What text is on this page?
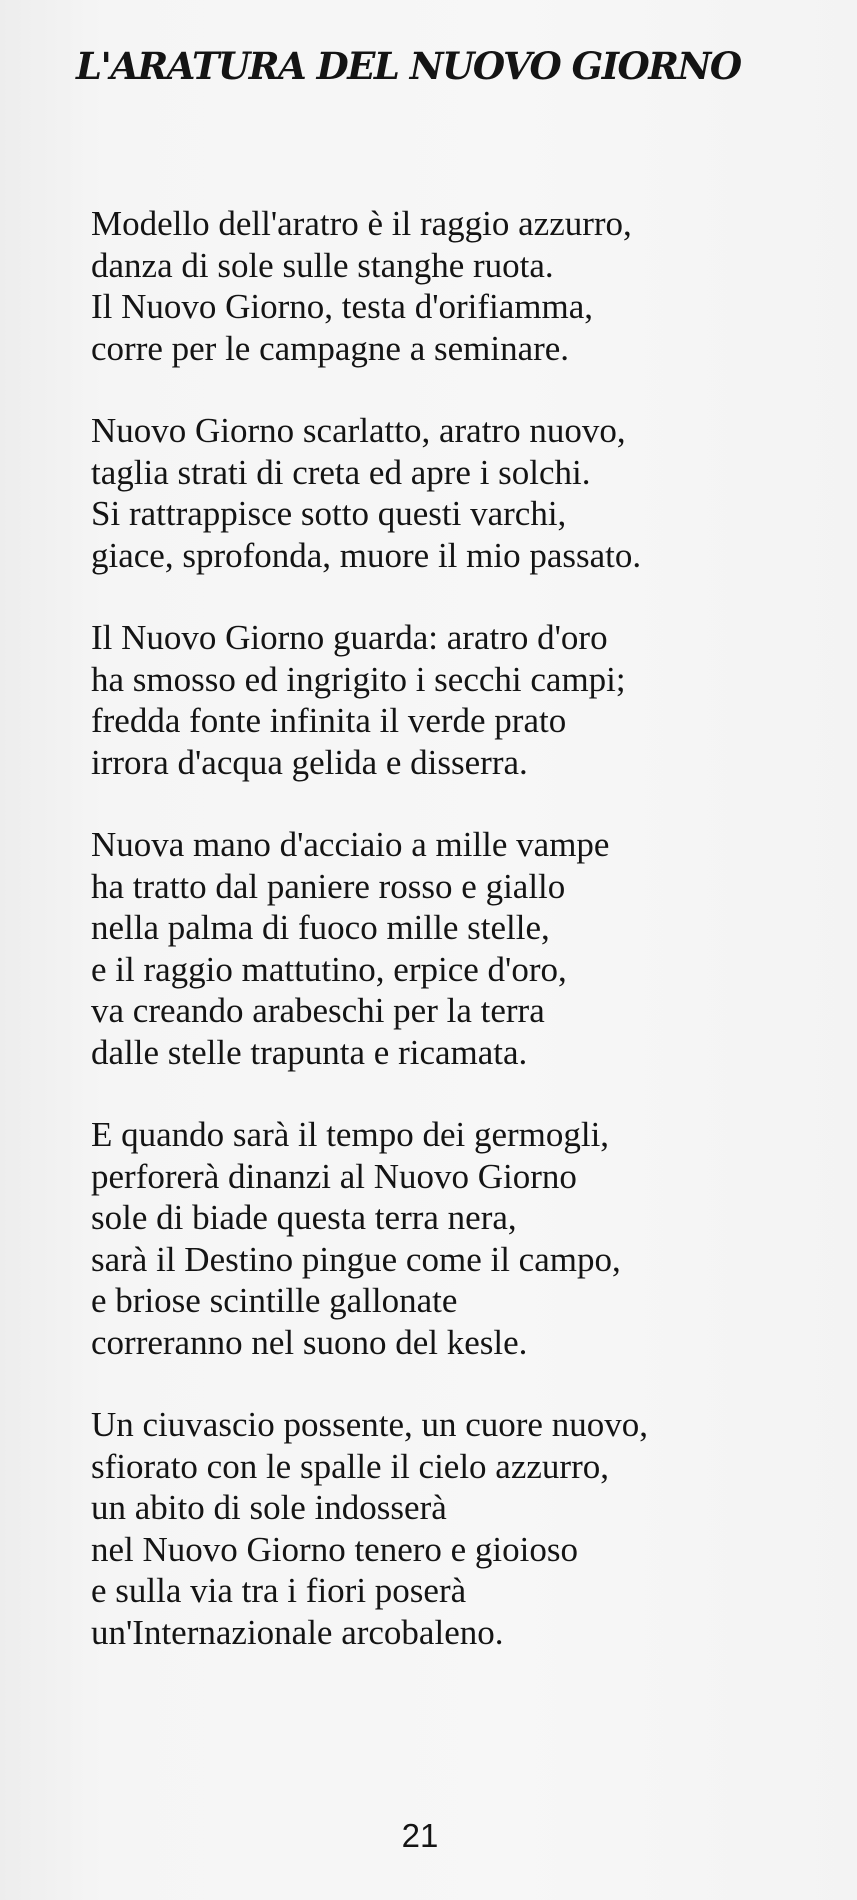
L'ARATURA DEL NUOVO GIORNO
Modello dell'aratro è il raggio azzurro,
danza di sole sulle stanghe ruota.
Il Nuovo Giorno, testa d'orifiamma,
corre per le campagne a seminare.
Nuovo Giorno scarlatto, aratro nuovo,
taglia strati di creta ed apre i solchi.
Si rattrappisce sotto questi varchi,
giace, sprofonda, muore il mio passato.
Il Nuovo Giorno guarda: aratro d'oro
ha smosso ed ingrigito i secchi campi;
fredda fonte infinita il verde prato
irrora d'acqua gelida e disserra.
Nuova mano d'acciaio a mille vampe
ha tratto dal paniere rosso e giallo
nella palma di fuoco mille stelle,
e il raggio mattutino, erpice d'oro,
va creando arabeschi per la terra
dalle stelle trapunta e ricamata.
E quando sarà il tempo dei germogli,
perforerà dinanzi al Nuovo Giorno
sole di biade questa terra nera,
sarà il Destino pingue come il campo,
e briose scintille gallonate
correranno nel suono del kesle.
Un ciuvascio possente, un cuore nuovo,
sfiorato con le spalle il cielo azzurro,
un abito di sole indosserà
nel Nuovo Giorno tenero e gioioso
e sulla via tra i fiori poserà
un'Internazionale arcobaleno.
21
